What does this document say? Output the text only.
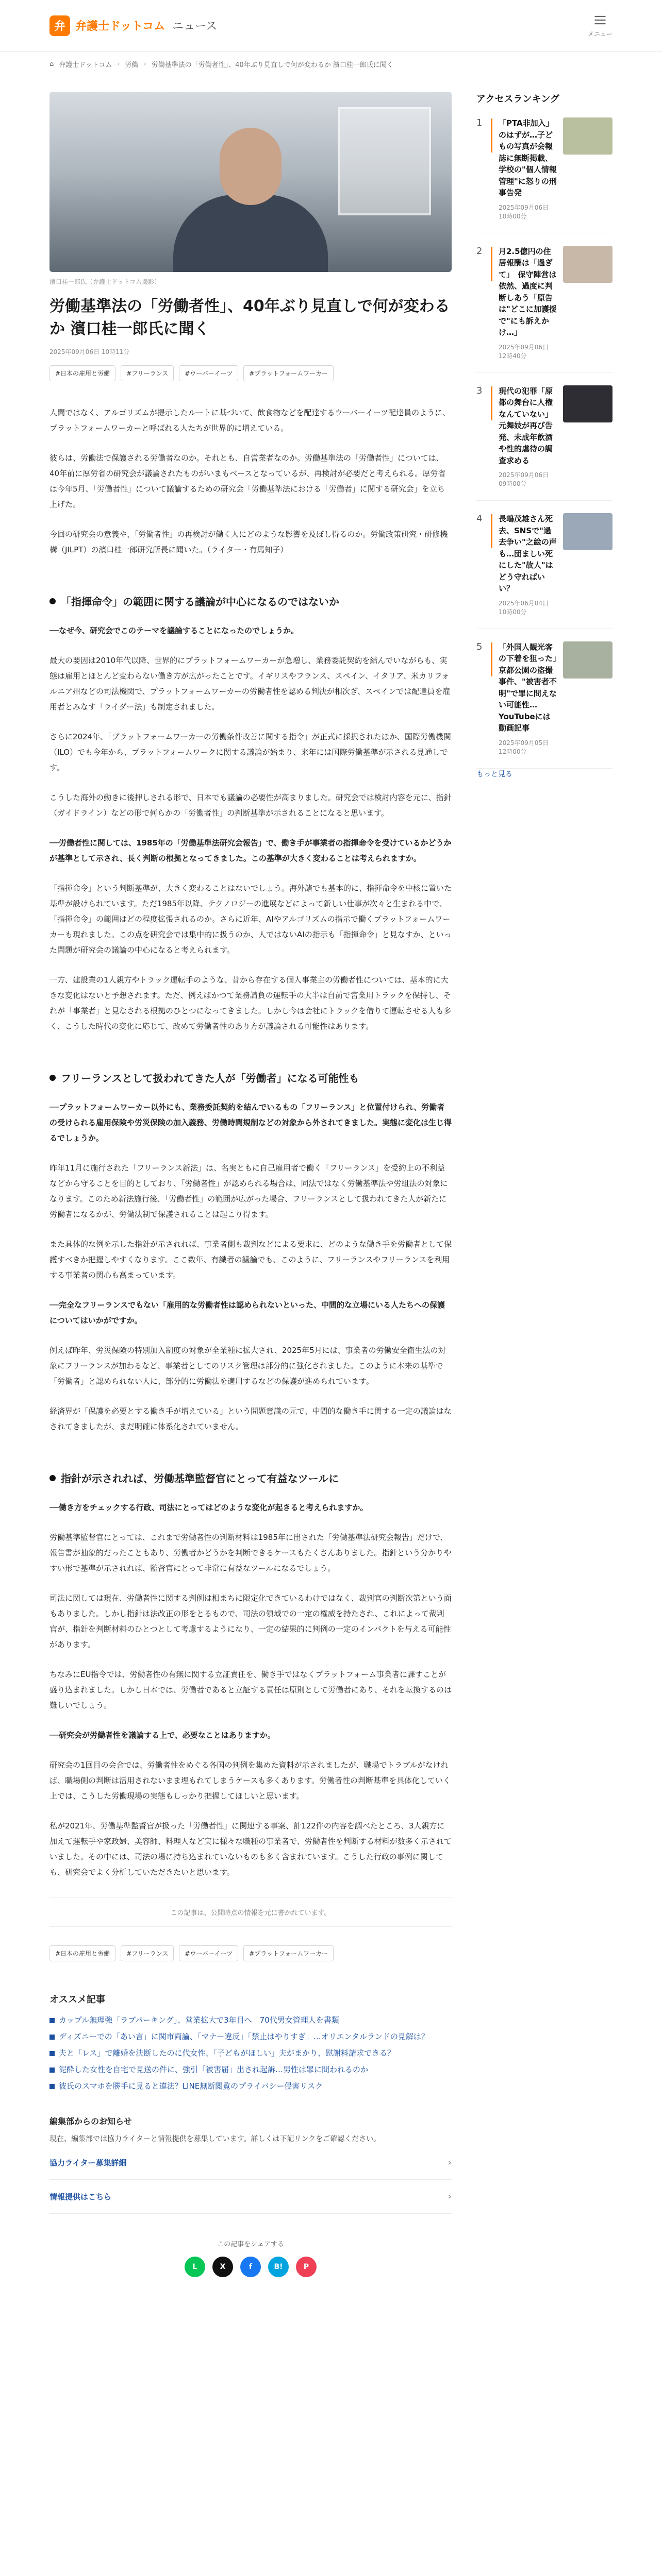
弁 弁護士ドットコム ニュース
メニュー
⌂ 弁護士ドットコム › 労働 › 労働基準法の「労働者性」、40年ぶり見直しで何が変わるか 濱口桂一郎氏に聞く
濱口桂一郎氏（弁護士ドットコム撮影）
労働基準法の「労働者性」、40年ぶり見直しで何が変わるか 濱口桂一郎氏に聞く
2025年09月06日 10時11分
#日本の雇用と労働	#フリーランス	#ウーバーイーツ	#プラットフォームワーカー

人間ではなく、アルゴリズムが提示したルートに基づいて、飲食物などを配達するウーバーイーツ配達員のように、プラットフォームワーカーと呼ばれる人たちが世界的に増えている。

彼らは、労働法で保護される労働者なのか。それとも、自営業者なのか。労働基準法の「労働者性」については、40年前に厚労省の研究会が議論されたものがいまもベースとなっているが、再検討が必要だと考えられる。厚労省は今年5月、「労働者性」について議論するための研究会「労働基準法における「労働者」に関する研究会」を立ち上げた。

今回の研究会の意義や、「労働者性」の再検討が働く人にどのような影響を及ぼし得るのか。労働政策研究・研修機構（JILPT）の濱口桂一郎研究所長に聞いた。（ライター・有馬知子）

「指揮命令」の範囲に関する議論が中心になるのではないか

──なぜ今、研究会でこのテーマを議論することになったのでしょうか。

最大の要因は2010年代以降、世界的にプラットフォームワーカーが急増し、業務委託契約を結んでいながらも、実態は雇用とほとんど変わらない働き方が広がったことです。イギリスやフランス、スペイン、イタリア、米カリフォルニア州などの司法機関で、プラットフォームワーカーの労働者性を認める判決が相次ぎ、スペインでは配達員を雇用者とみなす「ライダー法」も制定されました。

さらに2024年、「プラットフォームワーカーの労働条件改善に関する指令」が正式に採択されたほか、国際労働機関（ILO）でも今年から、プラットフォームワークに関する議論が始まり、来年には国際労働基準が示される見通しです。

こうした海外の動きに後押しされる形で、日本でも議論の必要性が高まりました。研究会では検討内容を元に、指針（ガイドライン）などの形で何らかの「労働者性」の判断基準が示されることになると思います。

──労働者性に関しては、1985年の「労働基準法研究会報告」で、働き手が事業者の指揮命令を受けているかどうかが基準として示され、長く判断の根拠となってきました。この基準が大きく変わることは考えられますか。

「指揮命令」という判断基準が、大きく変わることはないでしょう。海外諸でも基本的に、指揮命令を中核に置いた基準が設けられています。ただ1985年以降、テクノロジーの進展などによって新しい仕事が次々と生まれる中で、「指揮命令」の範囲はどの程度拡張されるのか。さらに近年、AIやアルゴリズムの指示で働くプラットフォームワーカーも現れました。この点を研究会では集中的に扱うのか、人ではないAIの指示も「指揮命令」と見なすか、といった問題が研究会の議論の中心になると考えられます。

一方、建設業の1人親方やトラック運転手のような、昔から存在する個人事業主の労働者性については、基本的に大きな変化はないと予想されます。ただ、例えばかつて業務請負の運転手の大半は自前で宮業用トラックを保持し、それが「事業者」と見なされる根拠のひとつになってきました。しかし今は会社にトラックを借りて運転させる人も多く、こうした時代の変化に応じて、改めて労働者性のあり方が議論される可能性はあります。

フリーランスとして扱われてきた人が「労働者」になる可能性も

──プラットフォームワーカー以外にも、業務委託契約を結んでいるもの「フリーランス」と位置付けられ、労働者の受けられる雇用保険や労災保険の加入義務、労働時間規制などの対象から外されてきました。実態に変化は生じ得るでしょうか。

昨年11月に施行された「フリーランス新法」は、名実ともに自己雇用者で働く「フリーランス」を受約上の不利益などから守ることを目的としており、「労働者性」が認められる場合は、同法ではなく労働基準法や労組法の対象になります。このため新法施行後、「労働者性」の範囲が広がった場合、フリーランスとして扱われてきた人が新たに労働者になるかが、労働法制で保護されることは起こり得ます。

また具体的な例を示した指針が示されれば、事業者側も裁判などによる要求に、どのような働き手を労働者として保護すべきか把握しやすくなります。ここ数年、有識者の議論でも、このように、フリーランスやフリーランスを利用する事業者の関心も高まっています。

──完全なフリーランスでもない「雇用的な労働者性は認められないといった、中間的な立場にいる人たちへの保護についてはいかがですか。

例えば昨年、労災保険の特別加入制度の対象が全業種に拡大され、2025年5月には、事業者の労働安全衛生法の対象にフリーランスが加わるなど、事業者としてのリスク管理は部分的に強化されました。このように本来の基準で「労働者」と認められない人に、部分的に労働法を適用するなどの保護が進められています。

経済界が「保護を必要とする働き手が増えている」という問題意識の元で、中間的な働き手に関する一定の議論はなされてきましたが、まだ明確に体系化されていません。

指針が示されれば、労働基準監督官にとって有益なツールに

──働き方をチェックする行政、司法にとってはどのような変化が起きると考えられますか。

労働基準監督官にとっては、これまで労働者性の判断材料は1985年に出された「労働基準法研究会報告」だけで、報告書が抽象的だったこともあり、労働者かどうかを判断できるケースもたくさんありました。指針という分かりやすい形で基準が示されれば、監督官にとって非常に有益なツールになるでしょう。

司法に関しては現在、労働者性に関する判例は相まちに限定化できているわけではなく、裁判官の判断次第という面もありました。しかし指針は法改正の形をとるもので、司法の領域での一定の権威を持たされ、これによって裁判官が、指針を判断材料のひとつとして考慮するようになり、一定の結果的に判例の一定のインパクトを与える可能性があります。

ちなみにEU指令では、労働者性の有無に関する立証責任を、働き手ではなくプラットフォーム事業者に課すことが盛り込まれました。しかし日本では、労働者であると立証する責任は原則として労働者にあり、それを転換するのは難しいでしょう。

──研究会が労働者性を議論する上で、必要なことはありますか。

研究会の1回目の会合では、労働者性をめぐる各国の判例を集めた資料が示されましたが、職場でトラブルがなければ、職場側の判断は活用されないまま埋もれてしまうケースも多くあります。労働者性の判断基準を具体化していく上では、こうした労働現場の実態もしっかり把握してほしいと思います。

私が2021年、労働基準監督官が扱った「労働者性」に関連する事案、計122件の内容を調べたところ、3人親方に加えて運転手や家政婦、美容師、料理人など実に様々な職種の事業者で、労働者性を判断する材料が数多く示されていました。その中には、司法の場に持ち込まれていないものも多く含まれています。こうした行政の事例に関しても、研究会でよく分析していただきたいと思います。

この記事は、公開時点の情報を元に書かれています。
#日本の雇用と労働	#フリーランス	#ウーバーイーツ	#プラットフォームワーカー
オススメ記事
カップル無理強「ラブパーキング」、営業拡大で3年目へ　70代男女管理人を書類
ディズニーでの「あい言」に関市両論、「マナー違反」「禁止はやりすぎ」…オリエンタルランドの見解は？
夫と「レス」で離婚を決断したのに代女性、「子どもがほしい」夫がまかり、慰謝料請求できる？
泥酔した女性を自宅で見送の件に、強引「被害届」出され起訴…男性は罪に問われるのか
彼氏のスマホを勝手に見ると違法？LINE無断閲覧のプライバシー侵害リスク
編集部からのお知らせ

現在、編集部では協力ライターと情報提供を募集しています。詳しくは下記リンクをご確認ください。

協力ライター募集詳細	›
情報提供はこちら	›
この記事をシェアする
L	X	f	B!	P
アクセスランキング
1	「PTA非加入」のはずが…子どもの写真が会報誌に無断掲載、学校の"個人情報管理"に怒りの刑事告発
2025年09月06日 10時00分
2	月2.5億円の住居報酬は「過ぎて」　保守陣営は依然、過度に判断しあう「原告は"どこに加護援で"にも訴えかけ…」
2025年09月06日 12時40分
3	現代の犯罪「原都の舞台に人権なんていない」元舞妓が再び告発、未成年飲酒や性的虐待の調査求める
2025年09月06日 09時00分
4	長嶋茂雄さん死去、SNSで"過去争い"之絵の声も…団ましい死にした"故人"はどう守ればいい？
2025年06月04日 10時00分
5	「外国人観光客の下着を狙った」京都公園の盗撮事件、"被害者不明"で罪に問えない可能性… YouTubeには動画記事
2025年09月05日 12時00分
もっと見る
